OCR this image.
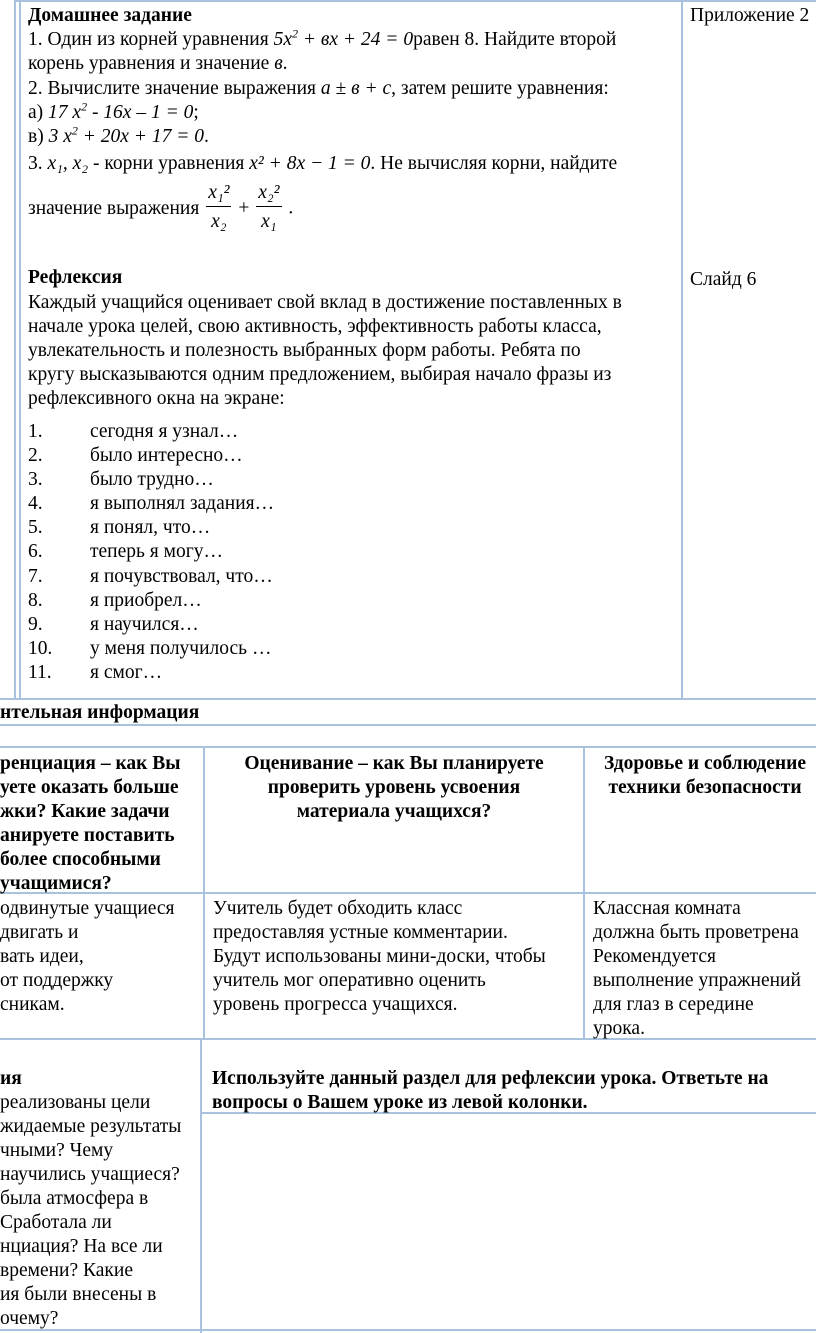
Домашнее задание	Приложение 2
1. Один из корней уравнения $5x^2$ + вx + 24 = 0равен 8. Найдите второй
корень уравнения и значение в.
2. Вычислите значение выражения a ± в + c, затем решите уравнения:
а) 17 $x^2 - 16x - 1 = 0$;
в) 3 $x^2 + 20x + 17 = 0$.
3. x₁, x₂ - корни уравнения x² + 8x − 1 = 0. Не вычисляя корни, найдите
значение выражения $\frac{\text{x₁²}}{\text{x₂}} + \frac{\text{x₂²}}{\text{x₁}}$ .
Рефлексия	Слайд 6
Каждый учащийся оценивает свой вклад в достижение поставленных в
начале урока целей, свою активность, эффективность работы класса,
увлекательность и полезность выбранных форм работы. Ребята по
кругу высказываются одним предложением, выбирая начало фразы из
рефлексивного окна на экране:
1. сегодня я узнал…
2. было интересно…
3. было трудно…
4. я выполнял задания…
5. я понял, что…
6. теперь я могу…
7. я почувствовал, что…
8. я приобрел…
9. я научился…
10. у меня получилось …
11. я смог…
нтельная информация
ренциация – как Вы
уете оказать больше
жки? Какие задачи
анируете поставить
более способными
учащимися?
Оценивание – как Вы планируете
проверить уровень усвоения
материала учащихся?
Здоровье и соблюдение
техники безопасности
одвинутые учащиеся
двигать и
вать идеи,
от поддержку
сникам.
Учитель будет обходить класс
предоставляя устные комментарии.
Будут использованы мини-доски, чтобы
учитель мог оперативно оценить
уровень прогресса учащихся.
Классная комната
должна быть проветрена
Рекомендуется
выполнение упражнений
для глаз в середине
урока.
ия
реализованы цели
жидаемые результаты
чными? Чему
научились учащиеся?
была атмосфера в
Сработала ли
нциация? На все ли
времени? Какие
ия были внесены в
очему?
Используйте данный раздел для рефлексии урока. Ответьте на
вопросы о Вашем уроке из левой колонки.
